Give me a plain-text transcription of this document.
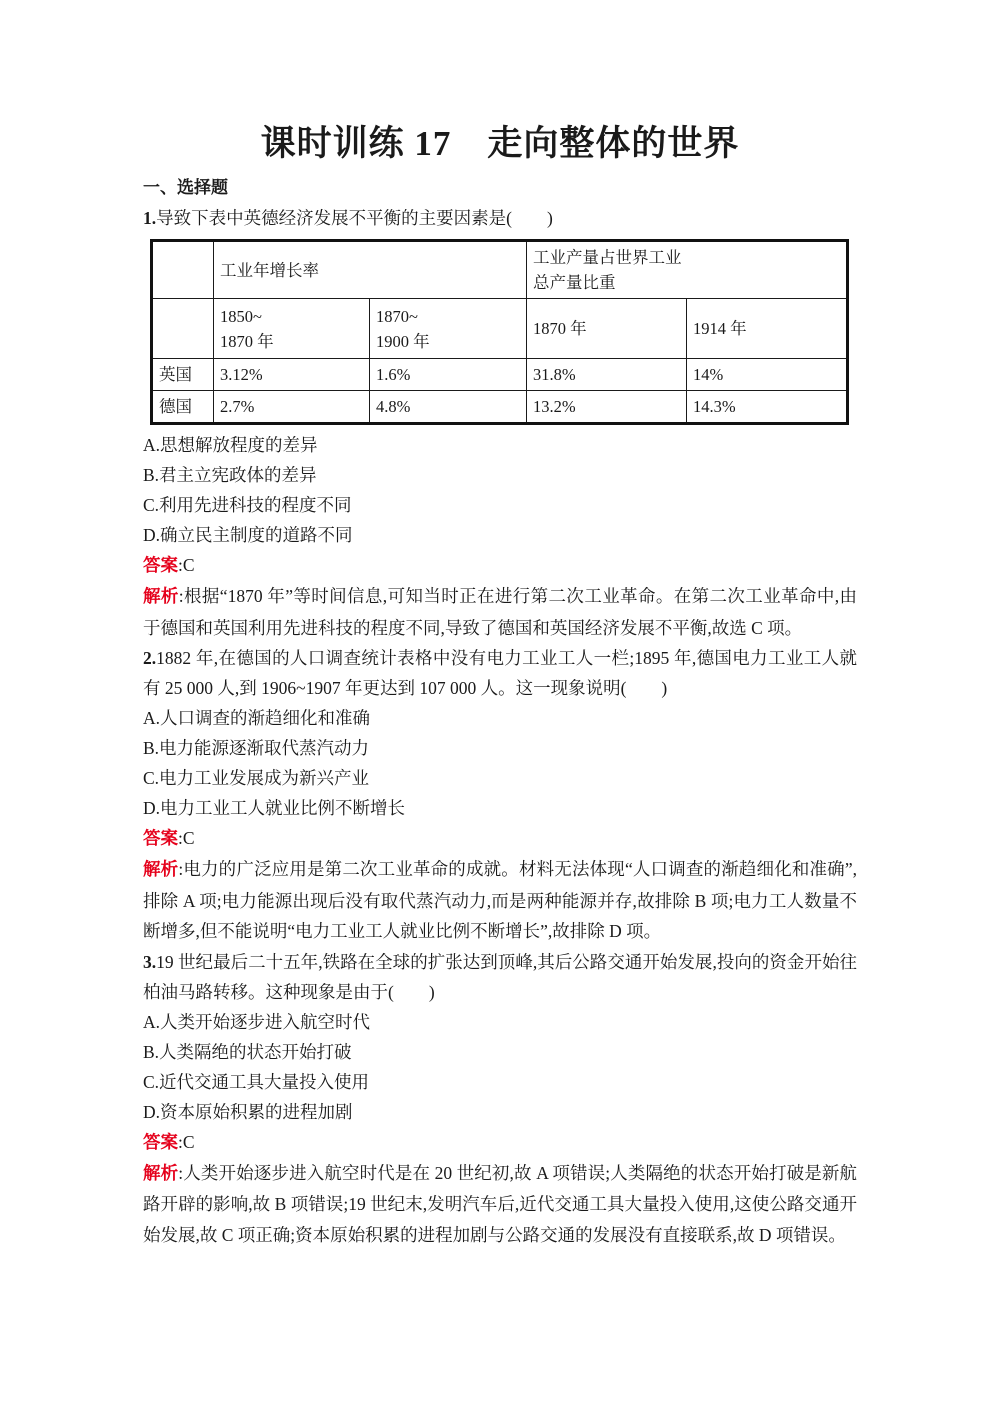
课时训练 17　走向整体的世界

一、选择题

1.导致下表中英德经济发展不平衡的主要因素是(　　)

	工业年增长率		工业产量占世界工业
总产量比重	
	1850~
1870 年	1870~
1900 年	1870 年	1914 年
英国	3.12%	1.6%	31.8%	14%
德国	2.7%	4.8%	13.2%	14.3%

A.思想解放程度的差异

B.君主立宪政体的差异

C.利用先进科技的程度不同

D.确立民主制度的道路不同

答案:C

解析:根据“1870 年”等时间信息,可知当时正在进行第二次工业革命。在第二次工业革命中,由于德国和英国利用先进科技的程度不同,导致了德国和英国经济发展不平衡,故选 C 项。

2.1882 年,在德国的人口调查统计表格中没有电力工业工人一栏;1895 年,德国电力工业工人就有 25 000 人,到 1906~1907 年更达到 107 000 人。这一现象说明(　　)

A.人口调查的渐趋细化和准确

B.电力能源逐渐取代蒸汽动力

C.电力工业发展成为新兴产业

D.电力工业工人就业比例不断增长

答案:C

解析:电力的广泛应用是第二次工业革命的成就。材料无法体现“人口调查的渐趋细化和准确”,排除 A 项;电力能源出现后没有取代蒸汽动力,而是两种能源并存,故排除 B 项;电力工人数量不断增多,但不能说明“电力工业工人就业比例不断增长”,故排除 D 项。

3.19 世纪最后二十五年,铁路在全球的扩张达到顶峰,其后公路交通开始发展,投向的资金开始往柏油马路转移。这种现象是由于(　　)

A.人类开始逐步进入航空时代

B.人类隔绝的状态开始打破

C.近代交通工具大量投入使用

D.资本原始积累的进程加剧

答案:C

解析:人类开始逐步进入航空时代是在 20 世纪初,故 A 项错误;人类隔绝的状态开始打破是新航路开辟的影响,故 B 项错误;19 世纪末,发明汽车后,近代交通工具大量投入使用,这使公路交通开始发展,故 C 项正确;资本原始积累的进程加剧与公路交通的发展没有直接联系,故 D 项错误。
